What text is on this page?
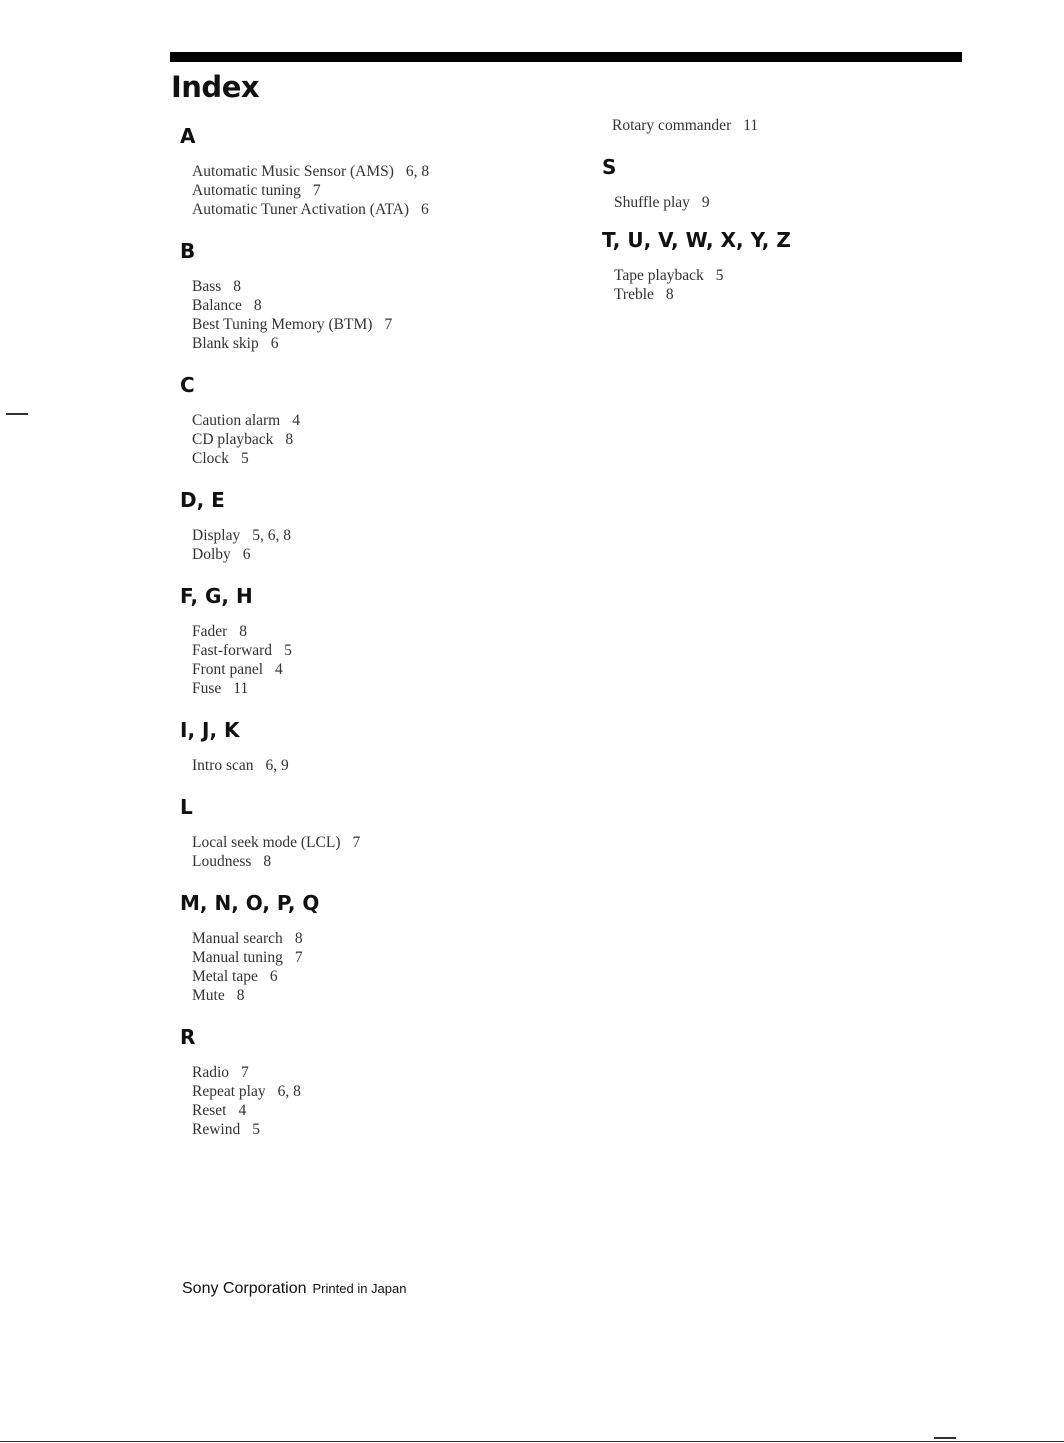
Index
A
Automatic Music Sensor (AMS) 6, 8
Automatic tuning 7
Automatic Tuner Activation (ATA) 6
B
Bass 8
Balance 8
Best Tuning Memory (BTM) 7
Blank skip 6
C
Caution alarm 4
CD playback 8
Clock 5
D, E
Display 5, 6, 8
Dolby 6
F, G, H
Fader 8
Fast-forward 5
Front panel 4
Fuse 11
I, J, K
Intro scan 6, 9
L
Local seek mode (LCL) 7
Loudness 8
M, N, O, P, Q
Manual search 8
Manual tuning 7
Metal tape 6
Mute 8
R
Radio 7
Repeat play 6, 8
Reset 4
Rewind 5
Rotary commander 11
S
Shuffle play 9
T, U, V, W, X, Y, Z
Tape playback 5
Treble 8
Sony Corporation Printed in Japan
